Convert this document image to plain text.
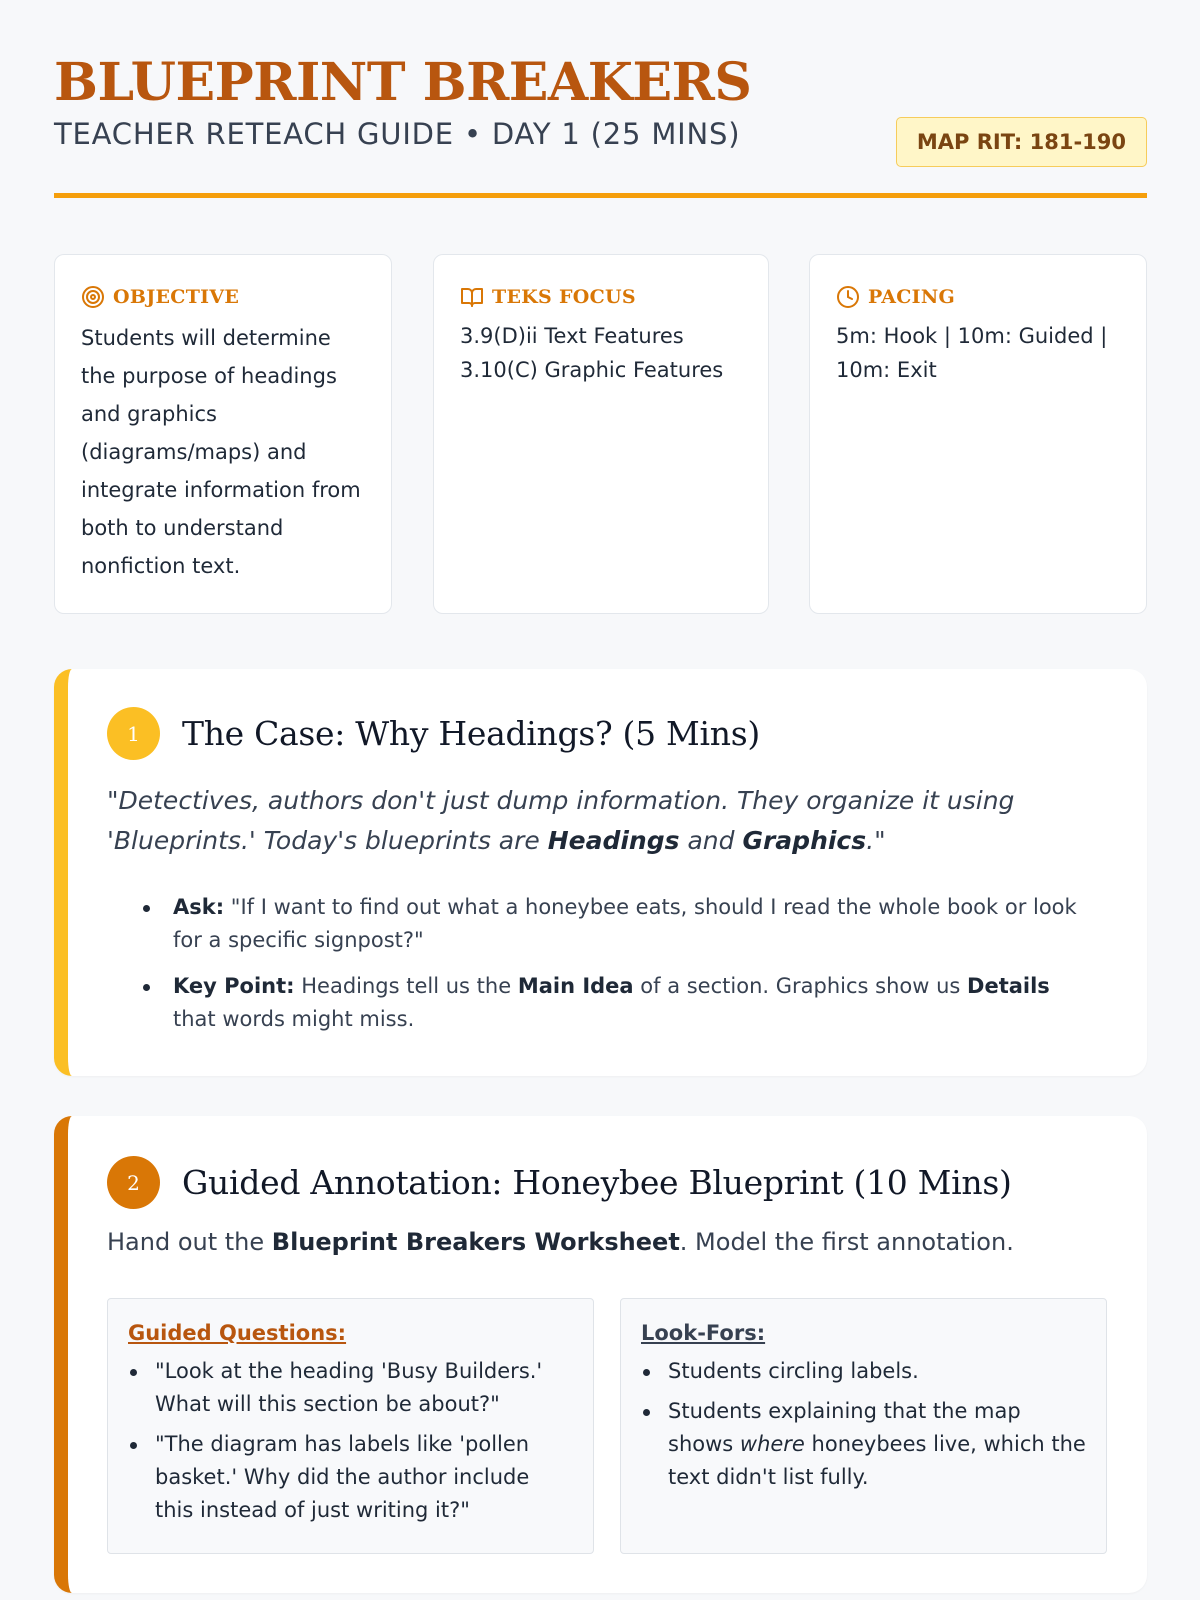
BLUEPRINT BREAKERS
TEACHER RETEACH GUIDE • DAY 1 (25 MINS)	MAP RIT: 181-190
OBJECTIVE
Students will determine the purpose of headings and graphics (diagrams/maps) and integrate information from both to understand nonfiction text.
TEKS FOCUS
3.9(D)ii Text Features
3.10(C) Graphic Features
PACING
5m: Hook | 10m: Guided | 10m: Exit
1	The Case: Why Headings? (5 Mins)
"Detectives, authors don't just dump information. They organize it using 'Blueprints.' Today's blueprints are Headings and Graphics."
Ask: "If I want to find out what a honeybee eats, should I read the whole book or look for a specific signpost?"
Key Point: Headings tell us the Main Idea of a section. Graphics show us Details that words might miss.
2	Guided Annotation: Honeybee Blueprint (10 Mins)
Hand out the Blueprint Breakers Worksheet. Model the first annotation.
Guided Questions:
"Look at the heading 'Busy Builders.' What will this section be about?"
"The diagram has labels like 'pollen basket.' Why did the author include this instead of just writing it?"
Look-Fors:
Students circling labels.
Students explaining that the map shows where honeybees live, which the text didn't list fully.
